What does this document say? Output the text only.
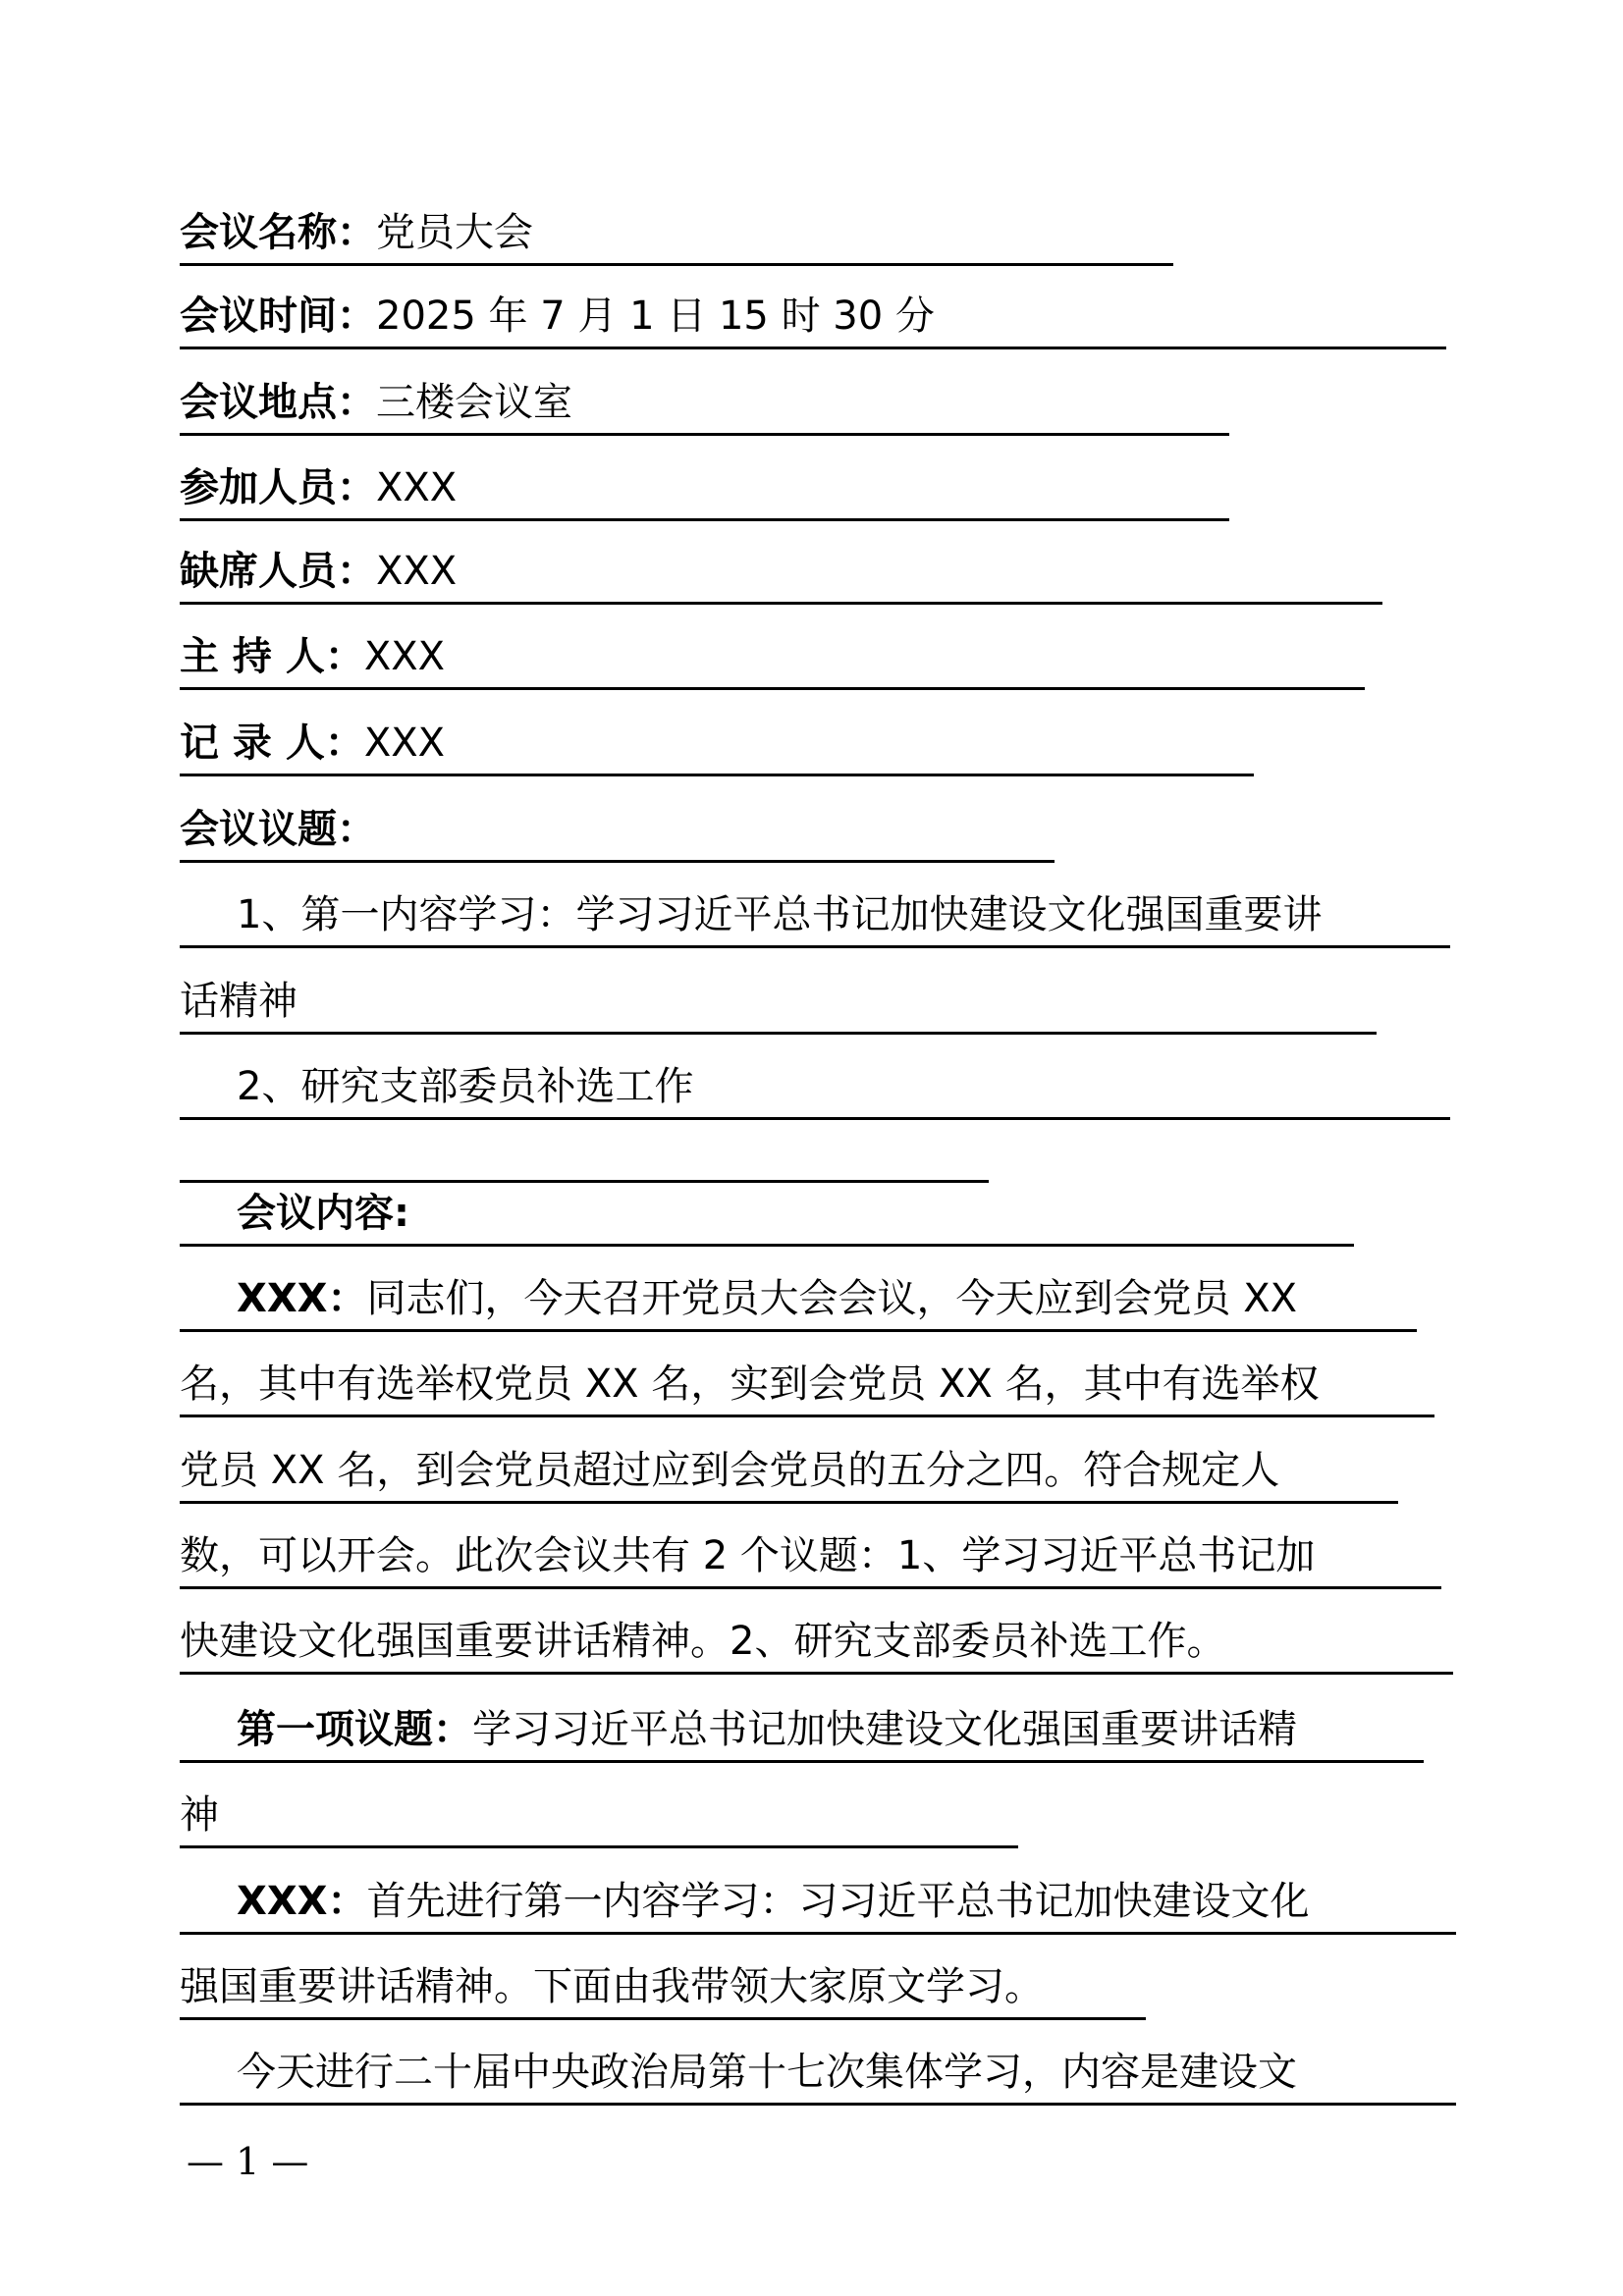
会议名称：党员大会
会议时间：2025 年 7 月 1 日 15 时 30 分
会议地点：三楼会议室
参加人员：XXX
缺席人员：XXX
主 持 人：XXX
记 录 人：XXX
会议议题：
1、第一内容学习：学习习近平总书记加快建设文化强国重要讲
话精神
2、研究支部委员补选工作
会议内容:
XXX：同志们，今天召开党员大会会议，今天应到会党员 XX
名，其中有选举权党员 XX 名，实到会党员 XX 名，其中有选举权
党员 XX 名，到会党员超过应到会党员的五分之四。符合规定人
数，可以开会。此次会议共有 2 个议题：1、学习习近平总书记加
快建设文化强国重要讲话精神。2、研究支部委员补选工作。
第一项议题：学习习近平总书记加快建设文化强国重要讲话精
神
XXX：首先进行第一内容学习：习习近平总书记加快建设文化
强国重要讲话精神。下面由我带领大家原文学习。
今天进行二十届中央政治局第十七次集体学习，内容是建设文
— 1 —
